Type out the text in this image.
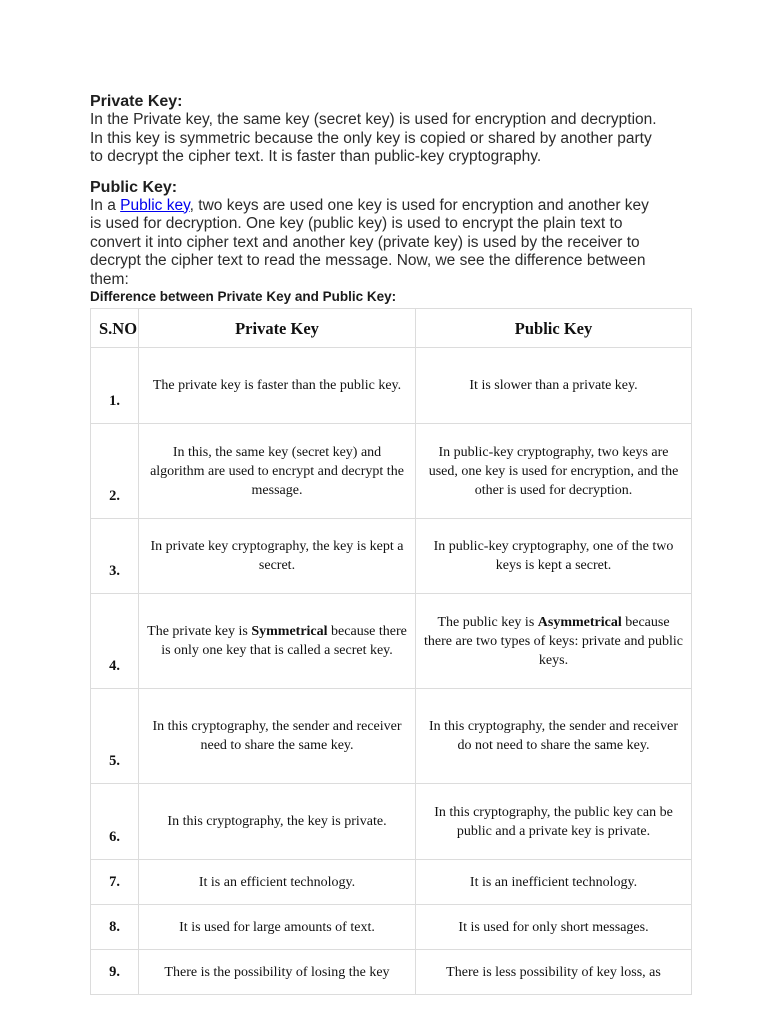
Private Key:

In the Private key, the same key (secret key) is used for encryption and decryption.

In this key is symmetric because the only key is copied or shared by another party

to decrypt the cipher text. It is faster than public-key cryptography.

Public Key:

In a Public key, two keys are used one key is used for encryption and another key

is used for decryption. One key (public key) is used to encrypt the plain text to

convert it into cipher text and another key (private key) is used by the receiver to

decrypt the cipher text to read the message. Now, we see the difference between

them:

Difference between Private Key and Public Key:
S.NO	Private Key	Public Key
1.	The private key is faster than the public key.	It is slower than a private key.
2.	In this, the same key (secret key) and algorithm are used to encrypt and decrypt the message.	In public-key cryptography, two keys are used, one key is used for encryption, and the other is used for decryption.
3.	In private key cryptography, the key is kept a secret.	In public-key cryptography, one of the two keys is kept a secret.
4.	The private key is Symmetrical because there is only one key that is called a secret key.	The public key is Asymmetrical because there are two types of keys: private and public keys.
5.	In this cryptography, the sender and receiver need to share the same key.	In this cryptography, the sender and receiver do not need to share the same key.
6.	In this cryptography, the key is private.	In this cryptography, the public key can be public and a private key is private.
7.	It is an efficient technology.	It is an inefficient technology.
8.	It is used for large amounts of text.	It is used for only short messages.
9.	There is the possibility of losing the key	There is less possibility of key loss, as
